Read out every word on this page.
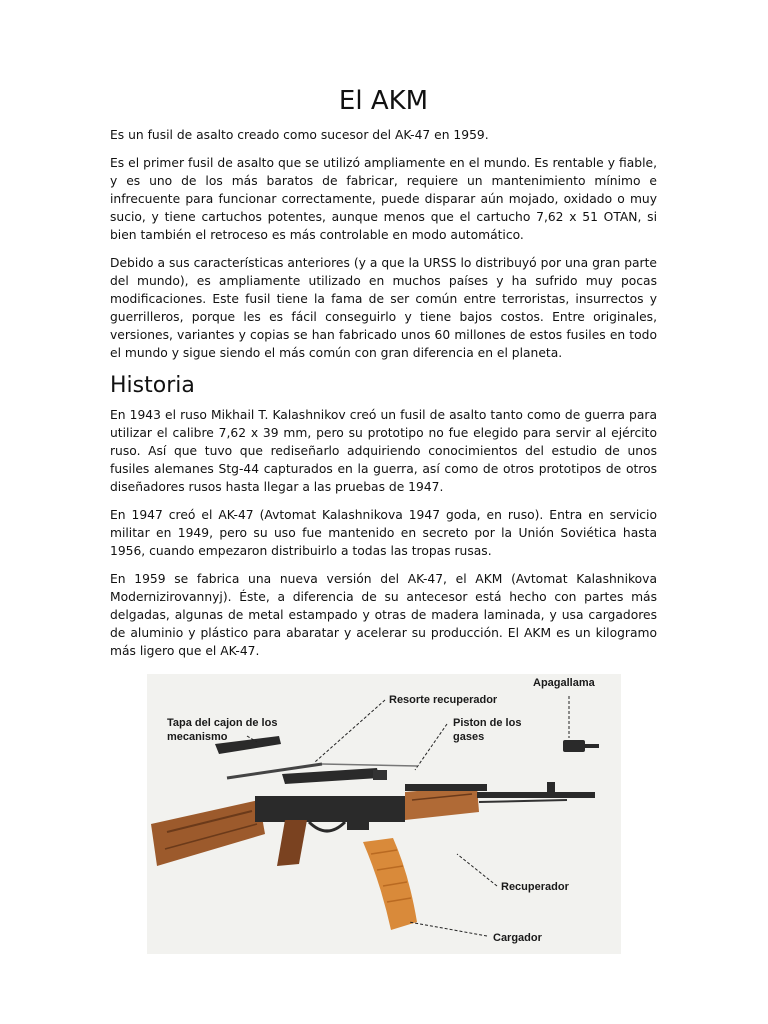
El AKM

Es un fusil de asalto creado como sucesor del AK-47 en 1959.

Es el primer fusil de asalto que se utilizó ampliamente en el mundo. Es rentable y fiable, y es uno de los más baratos de fabricar, requiere un mantenimiento mínimo e infrecuente para funcionar correctamente, puede disparar aún mojado, oxidado o muy sucio, y tiene cartuchos potentes, aunque menos que el cartucho 7,62 x 51 OTAN, si bien también el retroceso es más controlable en modo automático.

Debido a sus características anteriores (y a que la URSS lo distribuyó por una gran parte del mundo), es ampliamente utilizado en muchos países y ha sufrido muy pocas modificaciones. Este fusil tiene la fama de ser común entre terroristas, insurrectos y guerrilleros, porque les es fácil conseguirlo y tiene bajos costos. Entre originales, versiones, variantes y copias se han fabricado unos 60 millones de estos fusiles en todo el mundo y sigue siendo el más común con gran diferencia en el planeta.

Historia

En 1943 el ruso Mikhail T. Kalashnikov creó un fusil de asalto tanto como de guerra para utilizar el calibre 7,62 x 39 mm, pero su prototipo no fue elegido para servir al ejército ruso. Así que tuvo que rediseñarlo adquiriendo conocimientos del estudio de unos fusiles alemanes Stg-44 capturados en la guerra, así como de otros prototipos de otros diseñadores rusos hasta llegar a las pruebas de 1947.

En 1947 creó el AK-47 (Avtomat Kalashnikova 1947 goda, en ruso). Entra en servicio militar en 1949, pero su uso fue mantenido en secreto por la Unión Soviética hasta 1956, cuando empezaron distribuirlo a todas las tropas rusas.

En 1959 se fabrica una nueva versión del AK-47, el AKM (Avtomat Kalashnikova Modernizirovannyj). Éste, a diferencia de su antecesor está hecho con partes más delgadas, algunas de metal estampado y otras de madera laminada, y usa cargadores de aluminio y plástico para abaratar y acelerar su producción. El AKM es un kilogramo más ligero que el AK-47.

Tapa del cajon de los
mecanismo
Resorte recuperador
Piston de los
gases
Apagallama
Recuperador
Cargador
